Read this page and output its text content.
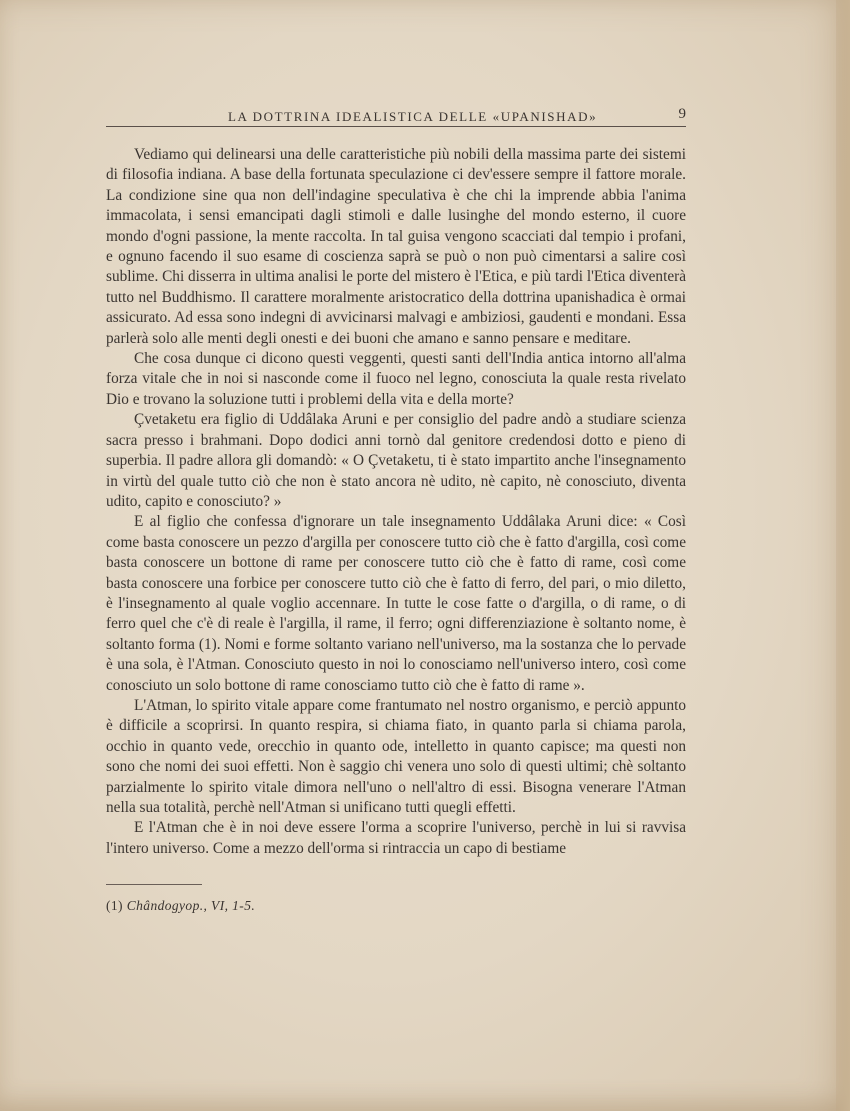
LA DOTTRINA IDEALISTICA DELLE «UPANISHAD»	9

Vediamo qui delinearsi una delle caratteristiche più nobili della massima parte dei sistemi di filosofia indiana. A base della fortunata speculazione ci dev'essere sempre il fattore morale. La condizione sine qua non dell'indagine speculativa è che chi la imprende abbia l'anima immacolata, i sensi emancipati dagli stimoli e dalle lusinghe del mondo esterno, il cuore mondo d'ogni passione, la mente raccolta. In tal guisa vengono scacciati dal tempio i profani, e ognuno facendo il suo esame di coscienza saprà se può o non può cimentarsi a salire così sublime. Chi disserra in ultima analisi le porte del mistero è l'Etica, e più tardi l'Etica diventerà tutto nel Buddhismo. Il carattere moralmente aristocratico della dottrina upanishadica è ormai assicurato. Ad essa sono indegni di avvicinarsi malvagi e ambiziosi, gaudenti e mondani. Essa parlerà solo alle menti degli onesti e dei buoni che amano e sanno pensare e meditare.

Che cosa dunque ci dicono questi veggenti, questi santi dell'India antica intorno all'alma forza vitale che in noi si nasconde come il fuoco nel legno, conosciuta la quale resta rivelato Dio e trovano la soluzione tutti i problemi della vita e della morte?

Çvetaketu era figlio di Uddâlaka Aruni e per consiglio del padre andò a studiare scienza sacra presso i brahmani. Dopo dodici anni tornò dal genitore credendosi dotto e pieno di superbia. Il padre allora gli domandò: « O Çvetaketu, ti è stato impartito anche l'insegnamento in virtù del quale tutto ciò che non è stato ancora nè udito, nè capito, nè conosciuto, diventa udito, capito e conosciuto? »

E al figlio che confessa d'ignorare un tale insegnamento Uddâlaka Aruni dice: « Così come basta conoscere un pezzo d'argilla per conoscere tutto ciò che è fatto d'argilla, così come basta conoscere un bottone di rame per conoscere tutto ciò che è fatto di rame, così come basta conoscere una forbice per conoscere tutto ciò che è fatto di ferro, del pari, o mio diletto, è l'insegnamento al quale voglio accennare. In tutte le cose fatte o d'argilla, o di rame, o di ferro quel che c'è di reale è l'argilla, il rame, il ferro; ogni differenziazione è soltanto nome, è soltanto forma (1). Nomi e forme soltanto variano nell'universo, ma la sostanza che lo pervade è una sola, è l'Atman. Conosciuto questo in noi lo conosciamo nell'universo intero, così come conosciuto un solo bottone di rame conosciamo tutto ciò che è fatto di rame ».

L'Atman, lo spirito vitale appare come frantumato nel nostro organismo, e perciò appunto è difficile a scoprirsi. In quanto respira, si chiama fiato, in quanto parla si chiama parola, occhio in quanto vede, orecchio in quanto ode, intelletto in quanto capisce; ma questi non sono che nomi dei suoi effetti. Non è saggio chi venera uno solo di questi ultimi; chè soltanto parzialmente lo spirito vitale dimora nell'uno o nell'altro di essi. Bisogna venerare l'Atman nella sua totalità, perchè nell'Atman si unificano tutti quegli effetti.

E l'Atman che è in noi deve essere l'orma a scoprire l'universo, perchè in lui si ravvisa l'intero universo. Come a mezzo dell'orma si rintraccia un capo di bestiame

(1) Chândogyop., VI, 1-5.
